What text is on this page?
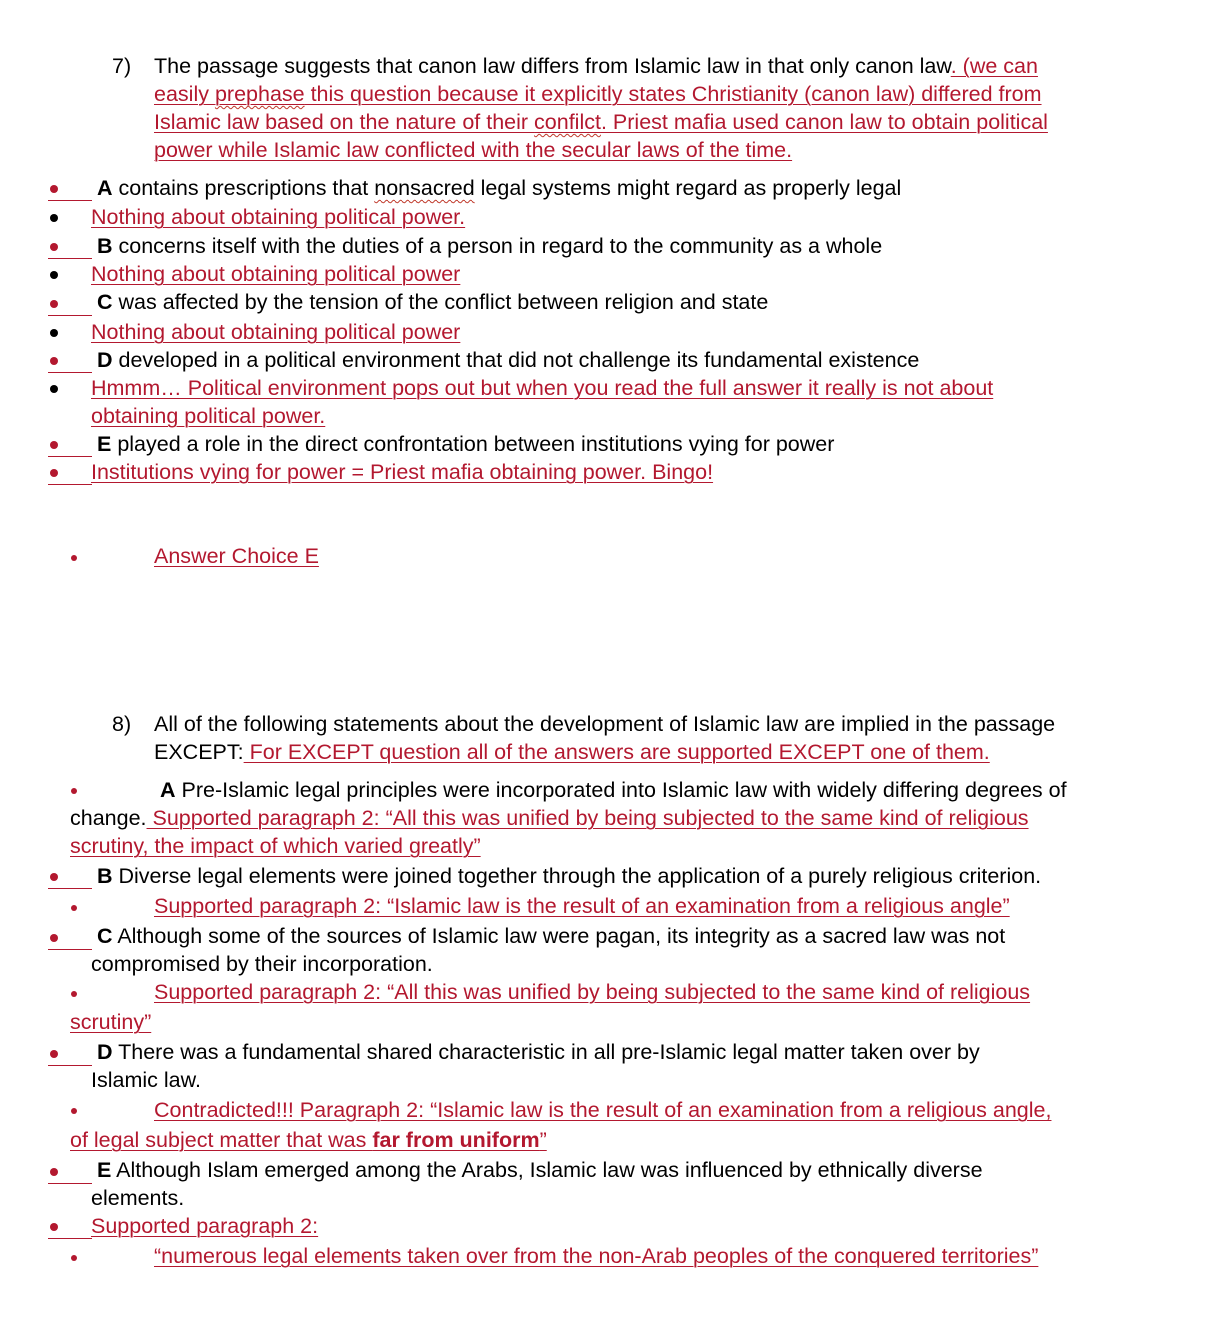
7) The passage suggests that canon law differs from Islamic law in that only canon law. (we can
easily prephase this question because it explicitly states Christianity (canon law) differed from
Islamic law based on the nature of their confilct. Priest mafia used canon law to obtain political
power while Islamic law conflicted with the secular laws of the time.
A contains prescriptions that nonsacred legal systems might regard as properly legal
Nothing about obtaining political power.
B concerns itself with the duties of a person in regard to the community as a whole
Nothing about obtaining political power
C was affected by the tension of the conflict between religion and state
Nothing about obtaining political power
D developed in a political environment that did not challenge its fundamental existence
Hmmm… Political environment pops out but when you read the full answer it really is not about
obtaining political power.
E played a role in the direct confrontation between institutions vying for power
Institutions vying for power = Priest mafia obtaining power. Bingo!
Answer Choice E
8) All of the following statements about the development of Islamic law are implied in the passage
EXCEPT: For EXCEPT question all of the answers are supported EXCEPT one of them.
A Pre-Islamic legal principles were incorporated into Islamic law with widely differing degrees of
change. Supported paragraph 2: “All this was unified by being subjected to the same kind of religious
scrutiny, the impact of which varied greatly”
B Diverse legal elements were joined together through the application of a purely religious criterion.
Supported paragraph 2: “Islamic law is the result of an examination from a religious angle”
C Although some of the sources of Islamic law were pagan, its integrity as a sacred law was not
compromised by their incorporation.
Supported paragraph 2: “All this was unified by being subjected to the same kind of religious
scrutiny”
D There was a fundamental shared characteristic in all pre-Islamic legal matter taken over by
Islamic law.
Contradicted!!! Paragraph 2: “Islamic law is the result of an examination from a religious angle,
of legal subject matter that was far from uniform”
E Although Islam emerged among the Arabs, Islamic law was influenced by ethnically diverse
elements.
Supported paragraph 2:
“numerous legal elements taken over from the non-Arab peoples of the conquered territories”
